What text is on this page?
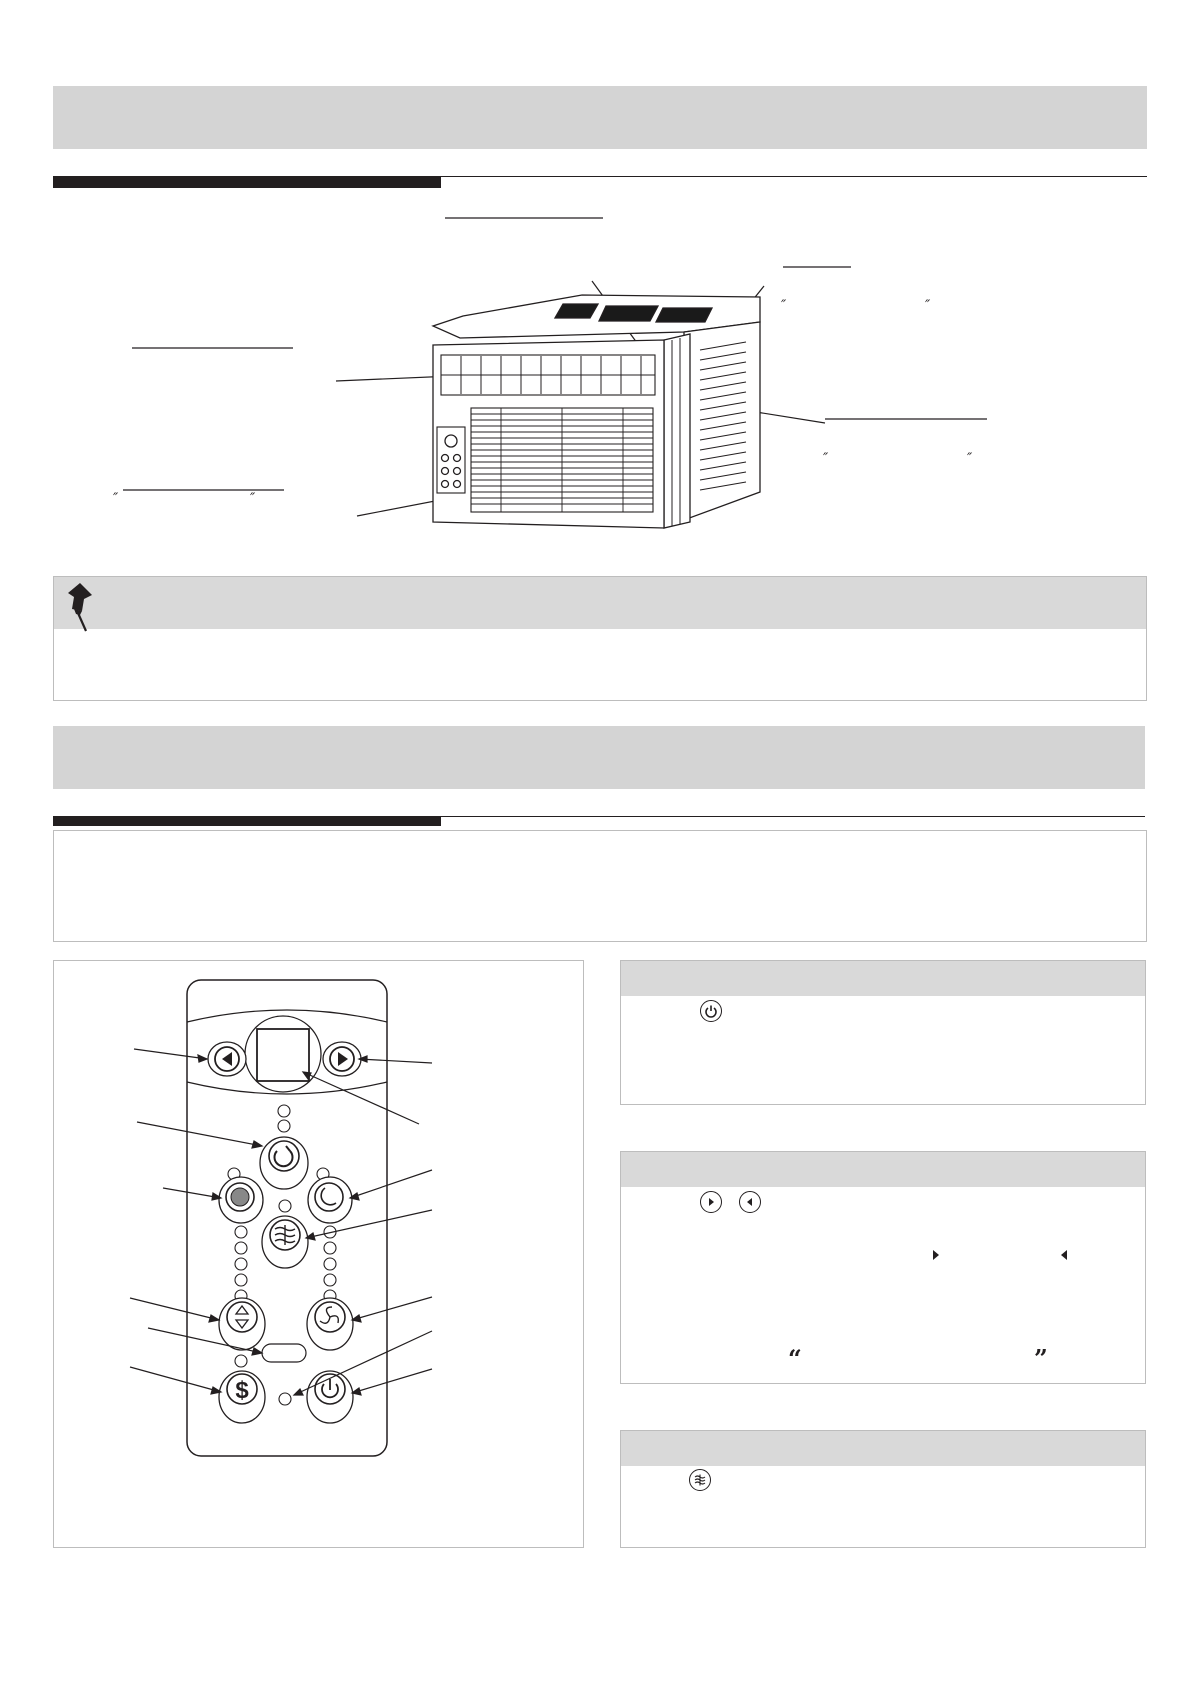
″	″
″	″
″	″
$
“	”
